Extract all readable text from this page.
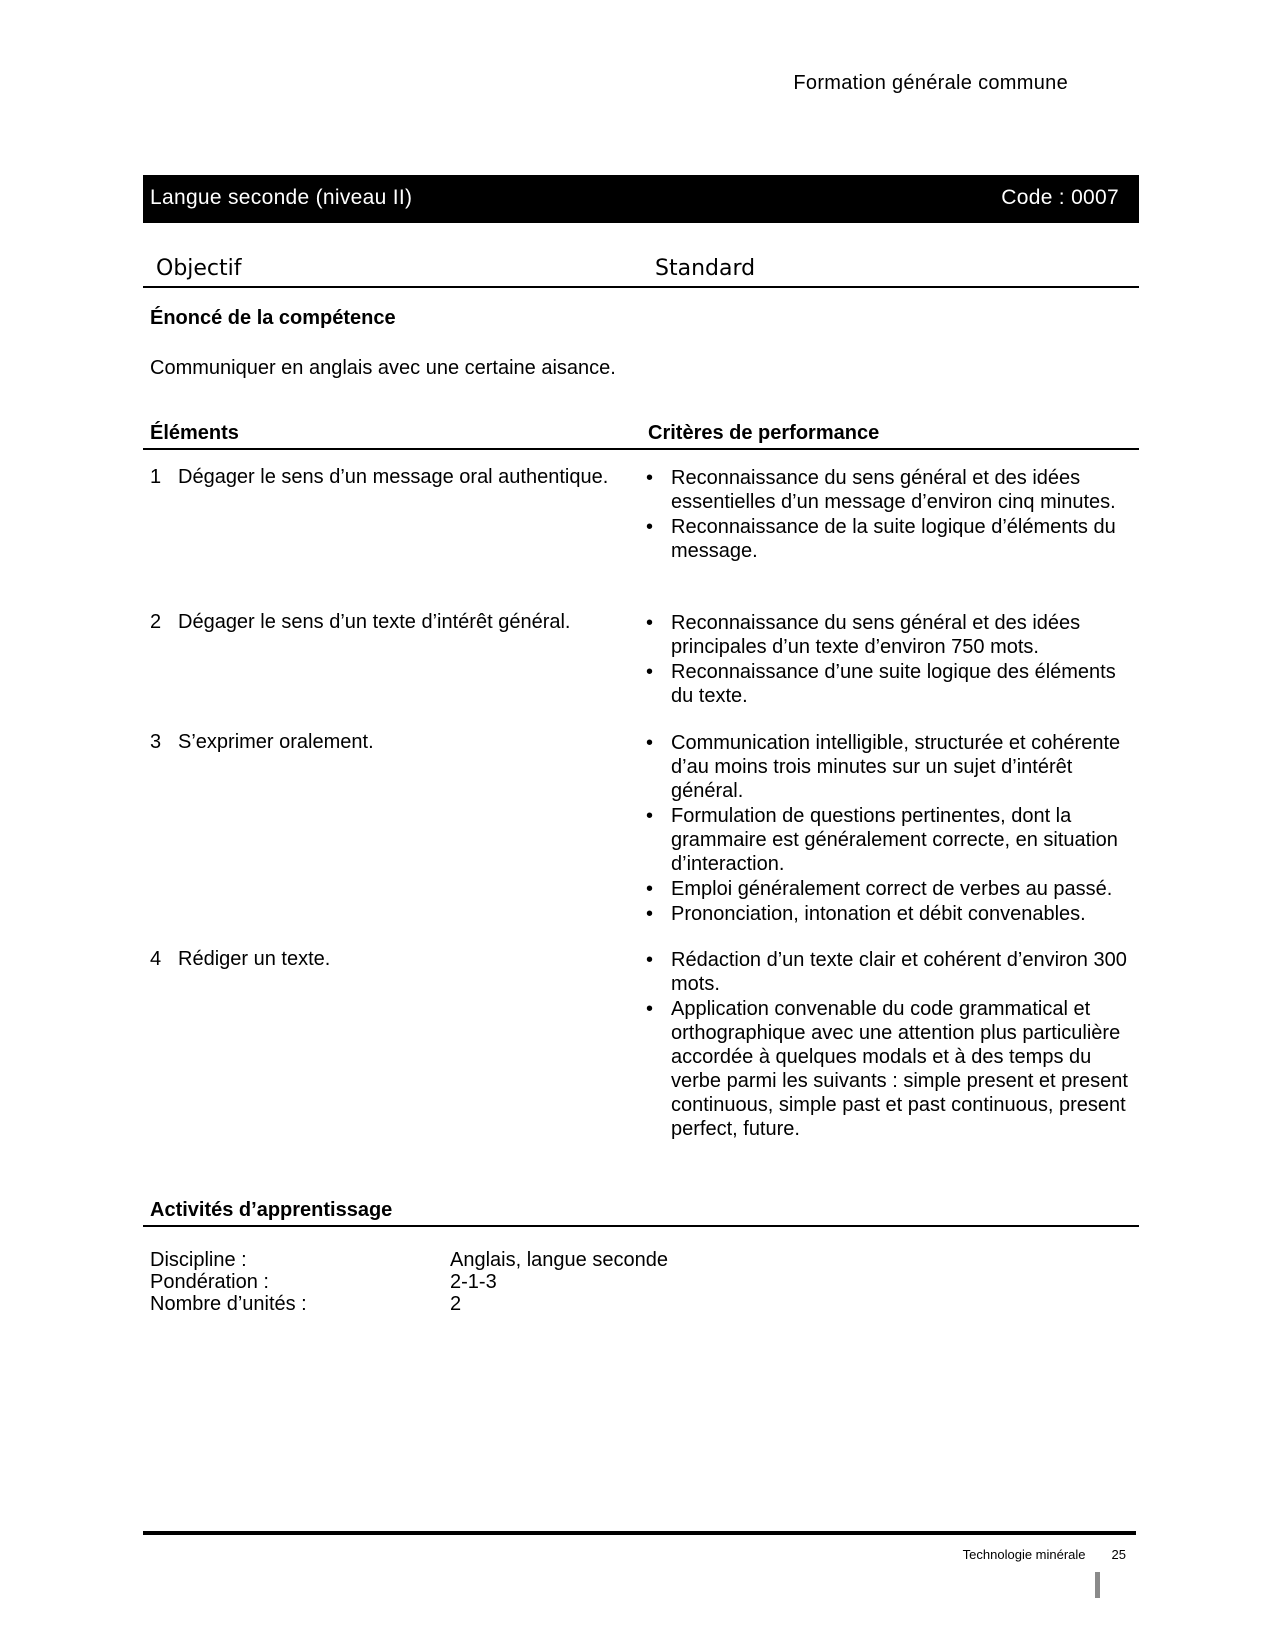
Formation générale commune
Langue seconde (niveau II)	Code : 0007
Objectif	Standard
Énoncé de la compétence
Communiquer en anglais avec une certaine aisance.
Éléments	Critères de performance
1 Dégager le sens d’un message oral authentique.	• Reconnaissance du sens général et des idées essentielles d’un message d’environ cinq minutes.
• Reconnaissance de la suite logique d’éléments du message.
2 Dégager le sens d’un texte d’intérêt général.	• Reconnaissance du sens général et des idées principales d’un texte d’environ 750 mots.
• Reconnaissance d’une suite logique des éléments du texte.
3 S’exprimer oralement.	• Communication intelligible, structurée et cohérente d’au moins trois minutes sur un sujet d’intérêt général.
• Formulation de questions pertinentes, dont la grammaire est généralement correcte, en situation d’interaction.
• Emploi généralement correct de verbes au passé.
• Prononciation, intonation et débit convenables.
4 Rédiger un texte.	• Rédaction d’un texte clair et cohérent d’environ 300 mots.
• Application convenable du code grammatical et orthographique avec une attention plus particulière accordée à quelques modals et à des temps du verbe parmi les suivants : simple present et present continuous, simple past et past continuous, present perfect, future.
Activités d’apprentissage
Discipline :	Anglais, langue seconde
Pondération :	2-1-3
Nombre d’unités :	2
Technologie minérale 25
